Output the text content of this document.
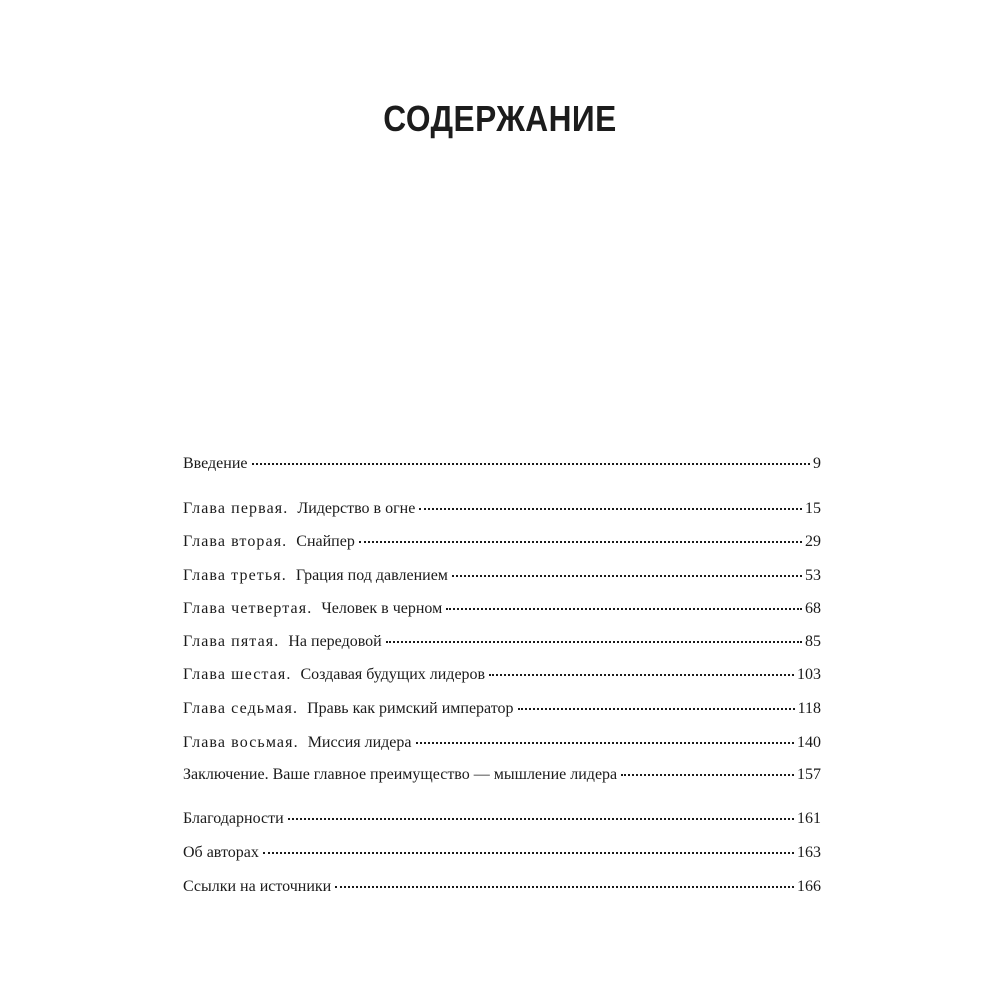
СОДЕРЖАНИЕ
Введение	9
Глава первая. Лидерство в огне	15
Глава вторая. Снайпер	29
Глава третья. Грация под давлением	53
Глава четвертая. Человек в черном	68
Глава пятая. На передовой	85
Глава шестая. Создавая будущих лидеров	103
Глава седьмая. Правь как римский император	118
Глава восьмая. Миссия лидера	140
Заключение. Ваше главное преимущество — мышление лидера	157
Благодарности	161
Об авторах	163
Ссылки на источники	166
